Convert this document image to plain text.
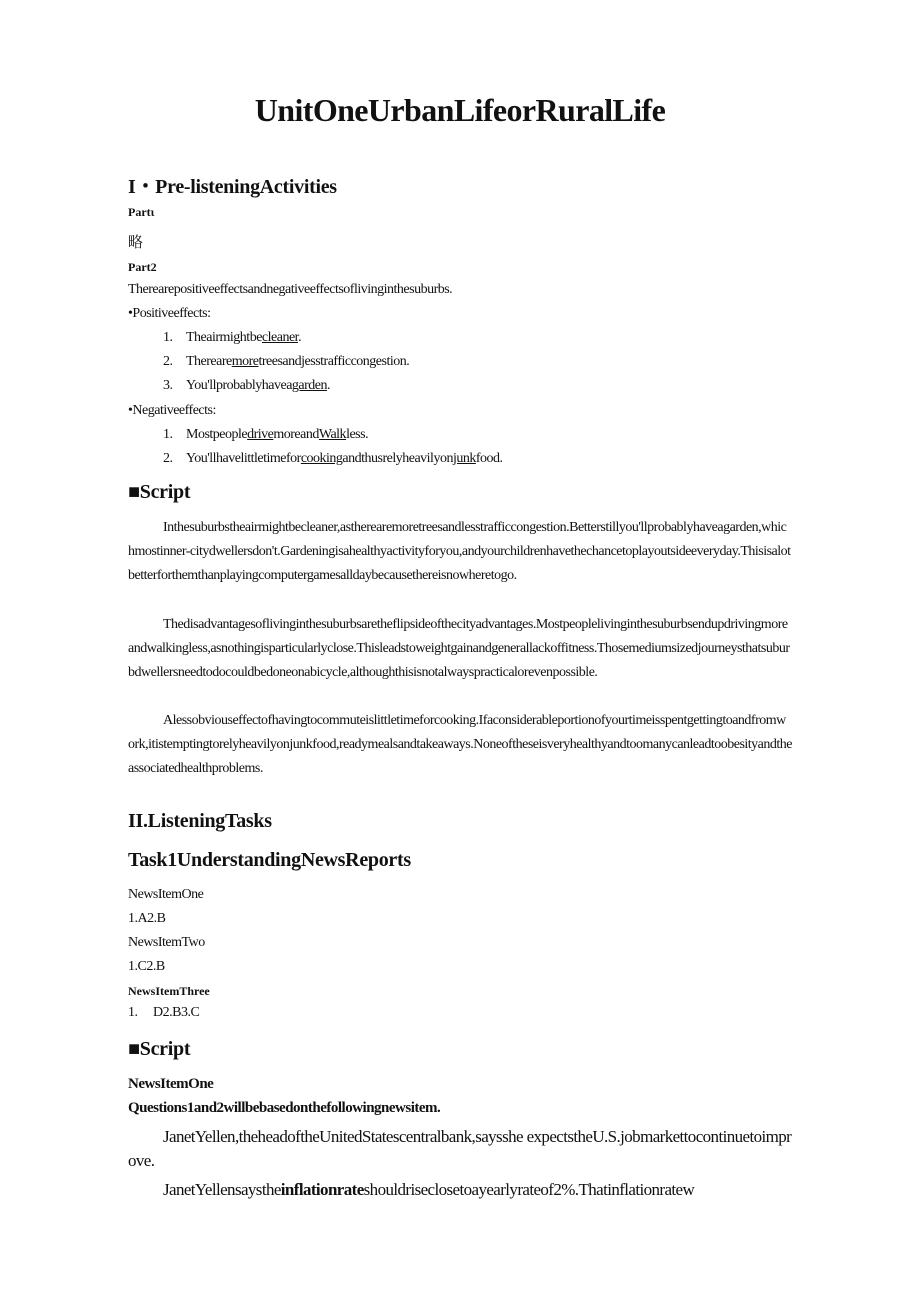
UnitOneUrbanLifeorRuralLife
I・Pre-listeningActivities
Partι
略
Part2
Therearepositiveeffectsandnegativeeffectsoflivinginthesuburbs.
•Positiveeffects:
1. Theairmightbecleaner.
2. Therearemoretreesandjesstrafficcongestion.
3. You'llprobablyhaveagarden.
•Negativeeffects:
1. MostpeopledrivemoreandWalkless.
2. You'llhavelittletimeforcookingandthusrelyheavilyonjunkfood.
■Script

Inthesuburbstheairmightbecleaner,astherearemoretreesandlesstrafficcongestion.Betterstillyou'llprobablyhaveagarden,whichmostinner-citydwellersdon't.Gardeningisahealthyactivityforyou,andyourchildrenhavethechancetoplayoutsideeveryday.Thisisalotbetterforthemthanplayingcomputergamesalldaybecausethereisnowheretogo.

Thedisadvantagesoflivinginthesuburbsaretheflipsideofthecityadvantages.Mostpeoplelivinginthesuburbsendupdrivingmoreandwalkingless,asnothingisparticularlyclose.Thisleadstoweightgainandgenerallackoffitness.Thosemediumsizedjourneysthatsuburbdwellersneedtodocouldbedoneonabicycle,althoughthisisnotalwayspracticalorevenpossible.

Alessobviouseffectofhavingtocommuteislittletimeforcooking.Ifaconsiderableportionofyourtimeisspentgettingtoandfromwork,itistemptingtorelyheavilyonjunkfood,readymealsandtakeaways.Noneoftheseisveryhealthyandtoomanycanleadtoobesityandtheassociatedhealthproblems.

II.ListeningTasks
Task1UnderstandingNewsReports
NewsItemOne
1.A2.B
NewsItemTwo
1.C2.B
NewsItemThree
1. D2.B3.C
■Script
NewsItemOne
Questions1and2willbebasedonthefollowingnewsitem.

JanetYellen,theheadoftheUnitedStatescentralbank,saysshe expectstheU.S.jobmarkettocontinuetoimprove.

JanetYellensaystheinflationrateshouldriseclosetoayearlyrateof2%.Thatinflationratew
